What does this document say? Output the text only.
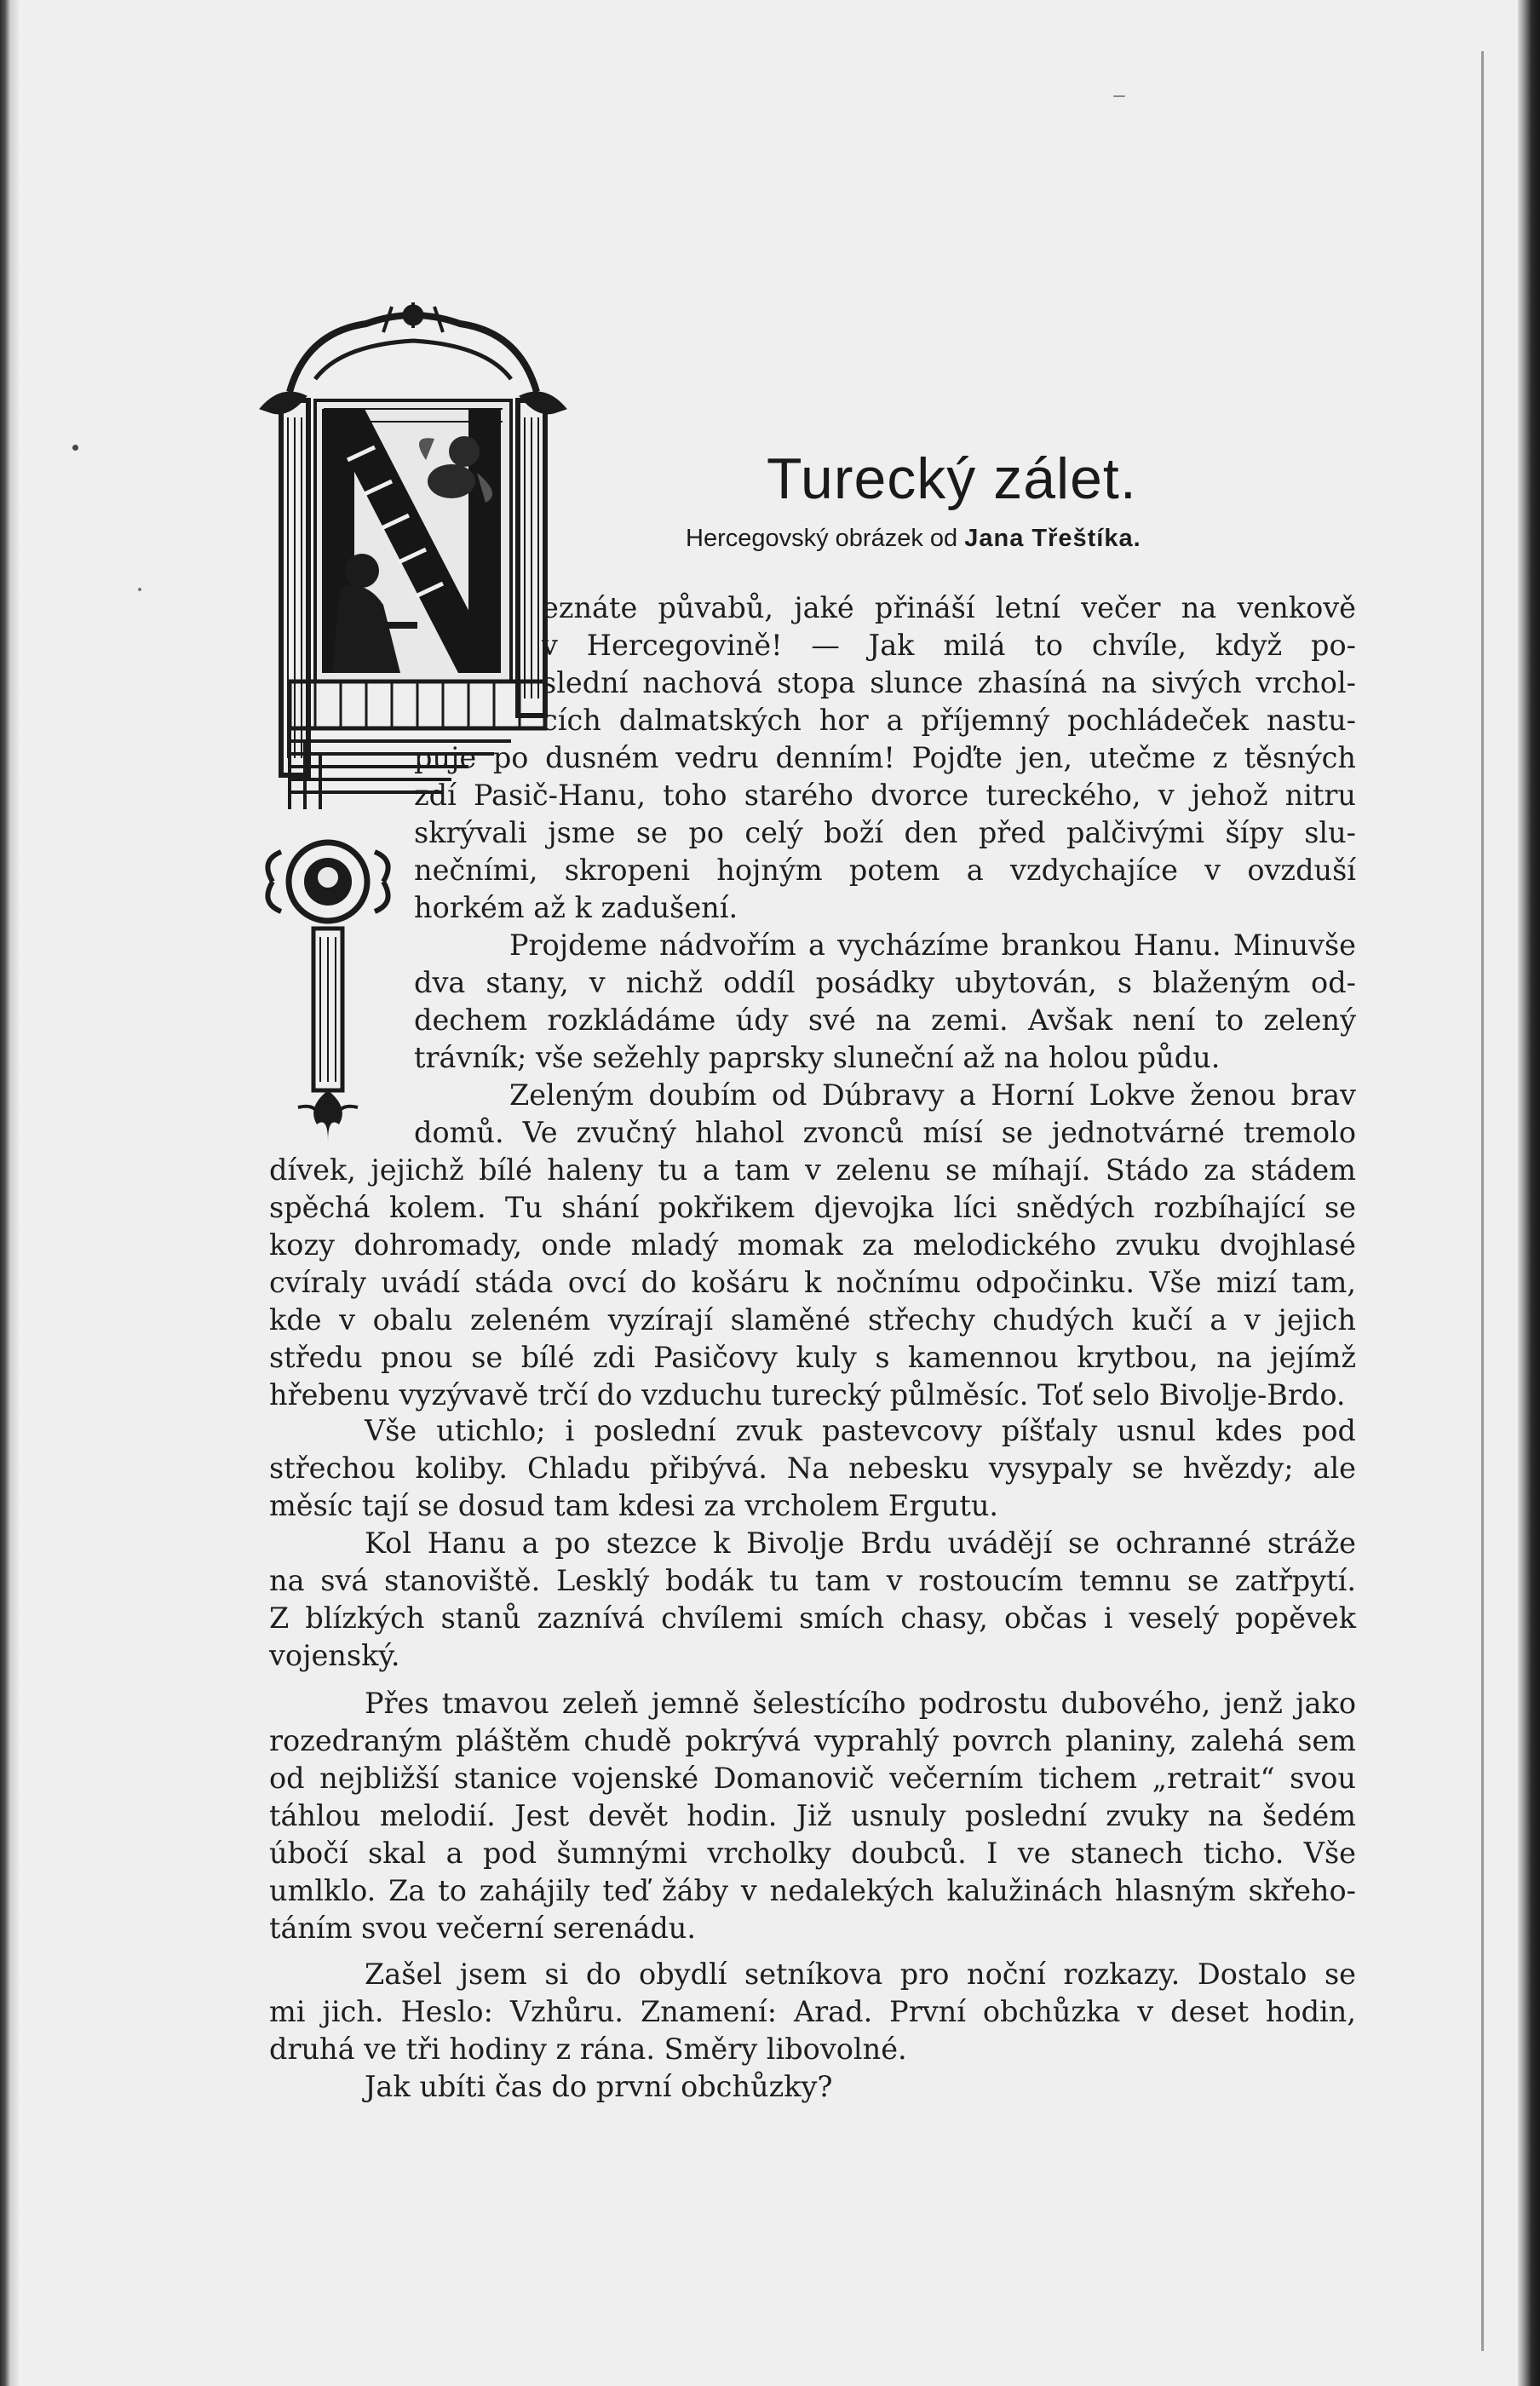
Turecký zálet.
Hercegovský obrázek od Jana Třeštíka.
eznáte půvabů, jaké přináší letní večer na venkově
v Hercegovině! — Jak milá to chvíle, když po-
slední nachová stopa slunce zhasíná na sivých vrchol-
cích dalmatských hor a příjemný pochládeček nastu-
puje po dusném vedru denním! Pojďte jen, utečme z těsných
zdí Pasič-Hanu, toho starého dvorce tureckého, v jehož nitru
skrývali jsme se po celý boží den před palčivými šípy slu-
nečními, skropeni hojným potem a vzdychajíce v ovzduší
horkém až k zadušení.
Projdeme nádvořím a vycházíme brankou Hanu. Minuvše
dva stany, v nichž oddíl posádky ubytován, s blaženým od-
dechem rozkládáme údy své na zemi. Avšak není to zelený
trávník; vše sežehly paprsky sluneční až na holou půdu.
Zeleným doubím od Dúbravy a Horní Lokve ženou brav
domů. Ve zvučný hlahol zvonců mísí se jednotvárné tremolo
dívek, jejichž bílé haleny tu a tam v zelenu se míhají. Stádo za stádem
spěchá kolem. Tu shání pokřikem djevojka líci snědých rozbíhající se
kozy dohromady, onde mladý momak za melodického zvuku dvojhlasé
cvíraly uvádí stáda ovcí do košáru k nočnímu odpočinku. Vše mizí tam,
kde v obalu zeleném vyzírají slaměné střechy chudých kučí a v jejich
středu pnou se bílé zdi Pasičovy kuly s kamennou krytbou, na jejímž
hřebenu vyzývavě trčí do vzduchu turecký půlměsíc. Toť selo Bivolje-Brdo.
Vše utichlo; i poslední zvuk pastevcovy píšťaly usnul kdes pod
střechou koliby. Chladu přibývá. Na nebesku vysypaly se hvězdy; ale
měsíc tají se dosud tam kdesi za vrcholem Ergutu.
Kol Hanu a po stezce k Bivolje Brdu uvádějí se ochranné stráže
na svá stanoviště. Lesklý bodák tu tam v rostoucím temnu se zatřpytí.
Z blízkých stanů zaznívá chvílemi smích chasy, občas i veselý popěvek
vojenský.
Přes tmavou zeleň jemně šelestícího podrostu dubového, jenž jako
rozedraným pláštěm chudě pokrývá vyprahlý povrch planiny, zalehá sem
od nejbližší stanice vojenské Domanovič večerním tichem „retrait“ svou
táhlou melodií. Jest devět hodin. Již usnuly poslední zvuky na šedém
úbočí skal a pod šumnými vrcholky doubců. I ve stanech ticho. Vše
umlklo. Za to zahájily teď žáby v nedalekých kalužinách hlasným skřeho-
táním svou večerní serenádu.
Zašel jsem si do obydlí setníkova pro noční rozkazy. Dostalo se
mi jich. Heslo: Vzhůru. Znamení: Arad. První obchůzka v deset hodin,
druhá ve tři hodiny z rána. Směry libovolné.
Jak ubíti čas do první obchůzky?
